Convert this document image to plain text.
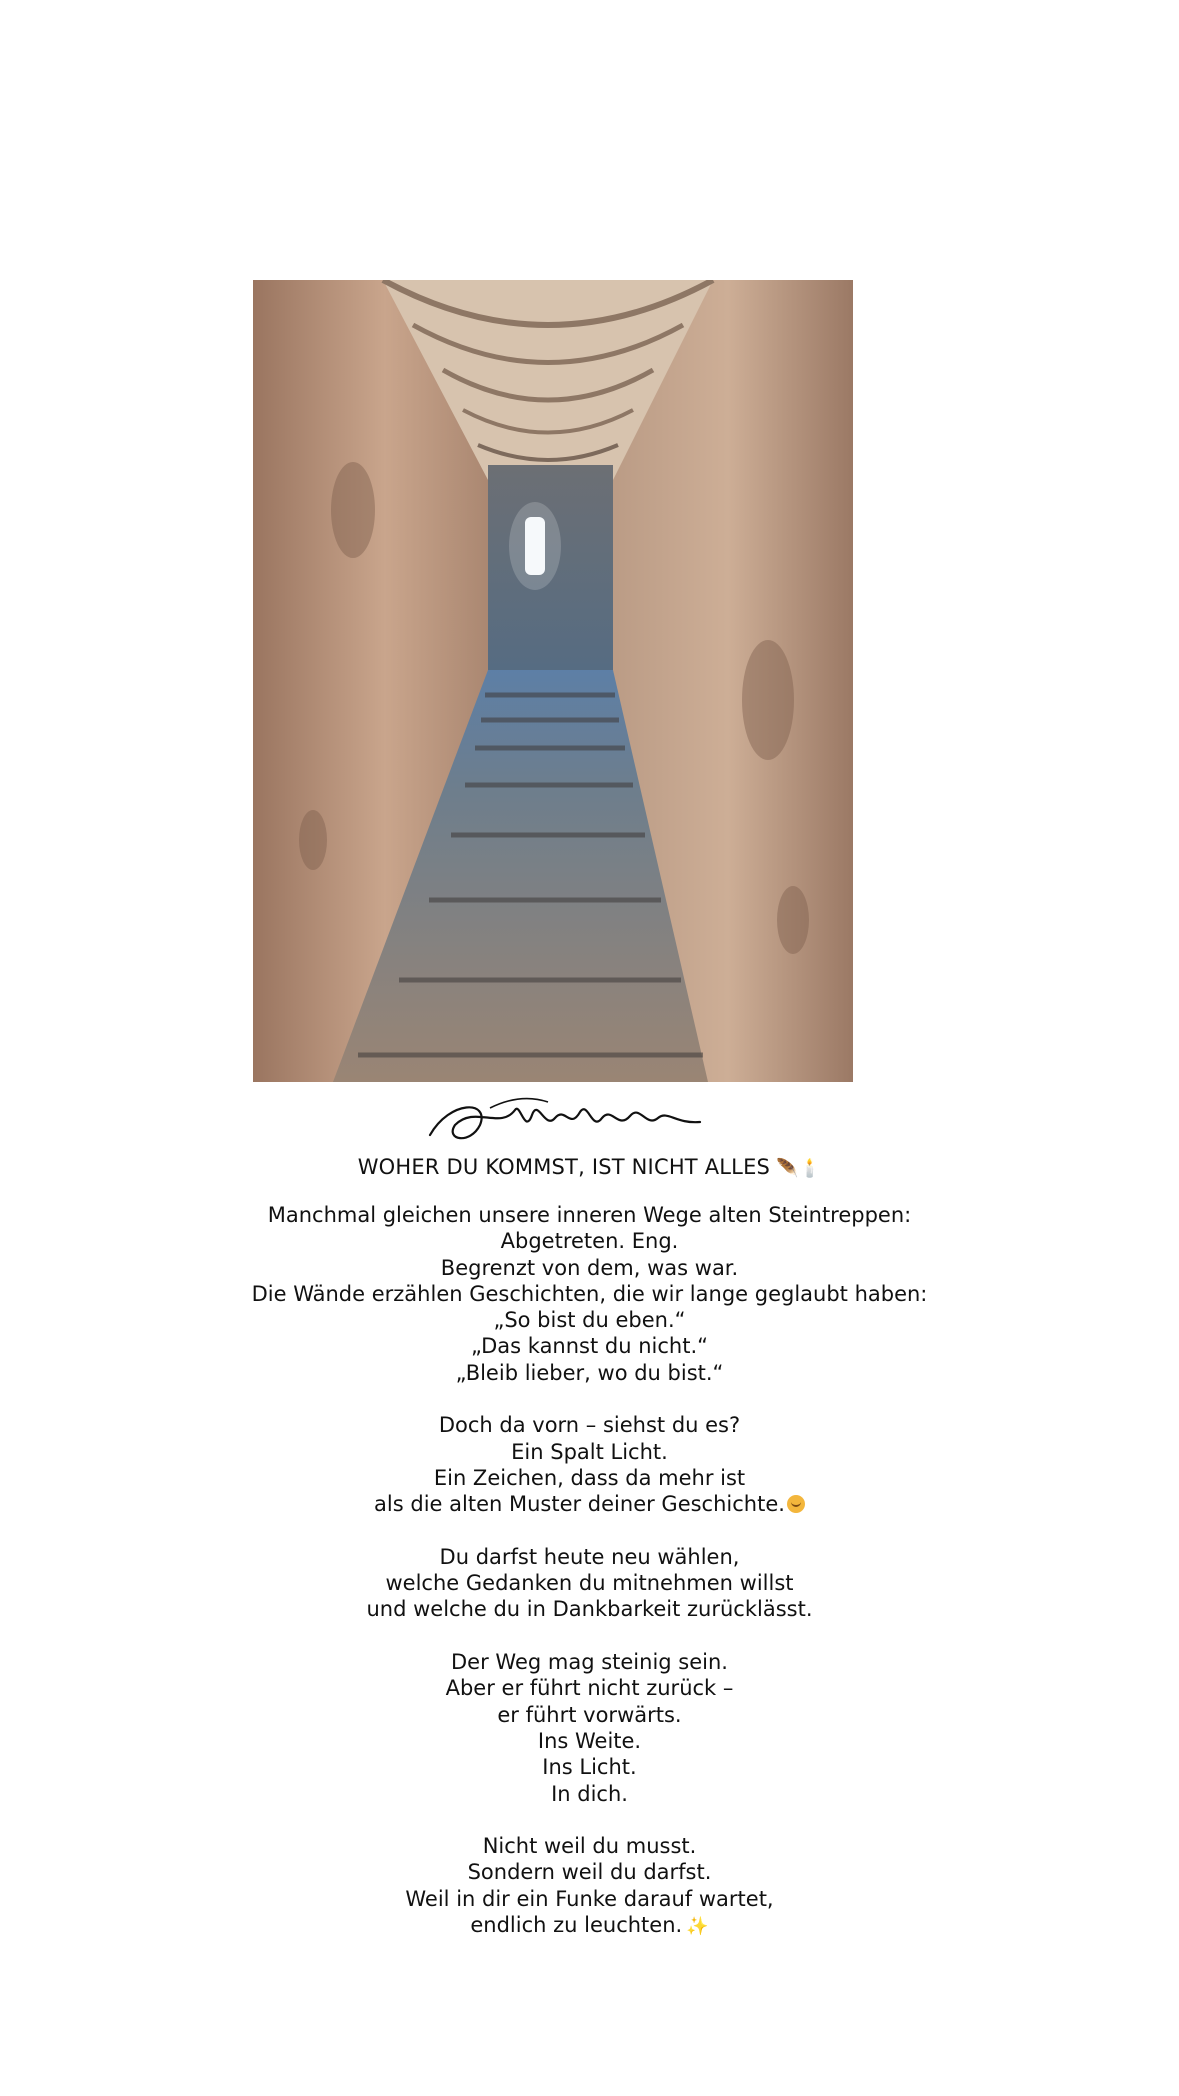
WOHER DU KOMMST, IST NICHT ALLES 🪶🕯️
Manchmal gleichen unsere inneren Wege alten Steintreppen:
Abgetreten. Eng.
Begrenzt von dem, was war.
Die Wände erzählen Geschichten, die wir lange geglaubt haben:
„So bist du eben.“
„Das kannst du nicht.“
„Bleib lieber, wo du bist.“
Doch da vorn – siehst du es?
Ein Spalt Licht.
Ein Zeichen, dass da mehr ist
als die alten Muster deiner Geschichte.
Du darfst heute neu wählen,
welche Gedanken du mitnehmen willst
und welche du in Dankbarkeit zurücklässt.
Der Weg mag steinig sein.
Aber er führt nicht zurück –
er führt vorwärts.
Ins Weite.
Ins Licht.
In dich.
Nicht weil du musst.
Sondern weil du darfst.
Weil in dir ein Funke darauf wartet,
endlich zu leuchten. ✨
